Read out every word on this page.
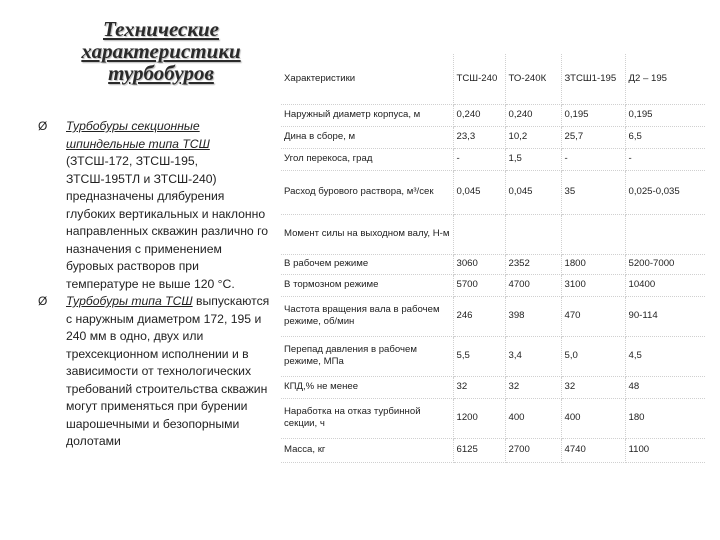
Технические характеристики турбобуров

Ø Турбобуры секционные шпиндельные типа ТСШ (ЗТСШ-172, ЗТСШ-195, ЗТСШ-195ТЛ и ЗТСШ-240) предназначены длябурения глубоких вертикальных и наклонно направленных скважин различно го назначения с применением буровых растворов при температуре не выше 120 °С.

Ø Турбобуры типа ТСШ выпускаются с наружным диаметром 172, 195 и 240 мм в одно, двух или трехсекционном исполнении и в зависимости от технологических требований строительства скважин могут применяться при бурении шарошечными и безопорными долотами

Характеристики	ТСШ-240	ТО-240К	ЗТСШ1-195	Д2 – 195
Наружный диаметр корпуса, м	0,240	0,240	0,195	0,195
Дина в сборе, м	23,3	10,2	25,7	6,5
Угол перекоса, град	-	1,5	-	-
Расход бурового раствора, м³/сек	0,045	0,045	35	0,025-0,035
Момент силы на выходном валу, Н-м				
В рабочем режиме	3060	2352	1800	5200-7000
В тормозном режиме	5700	4700	3100	10400
Частота вращения вала в рабочем режиме, об/мин	246	398	470	90-114
Перепад давления в рабочем режиме, МПа	5,5	3,4	5,0	4,5
КПД,% не менее	32	32	32	48
Наработка на отказ турбинной секции, ч	1200	400	400	180
Масса, кг	6125	2700	4740	1100
